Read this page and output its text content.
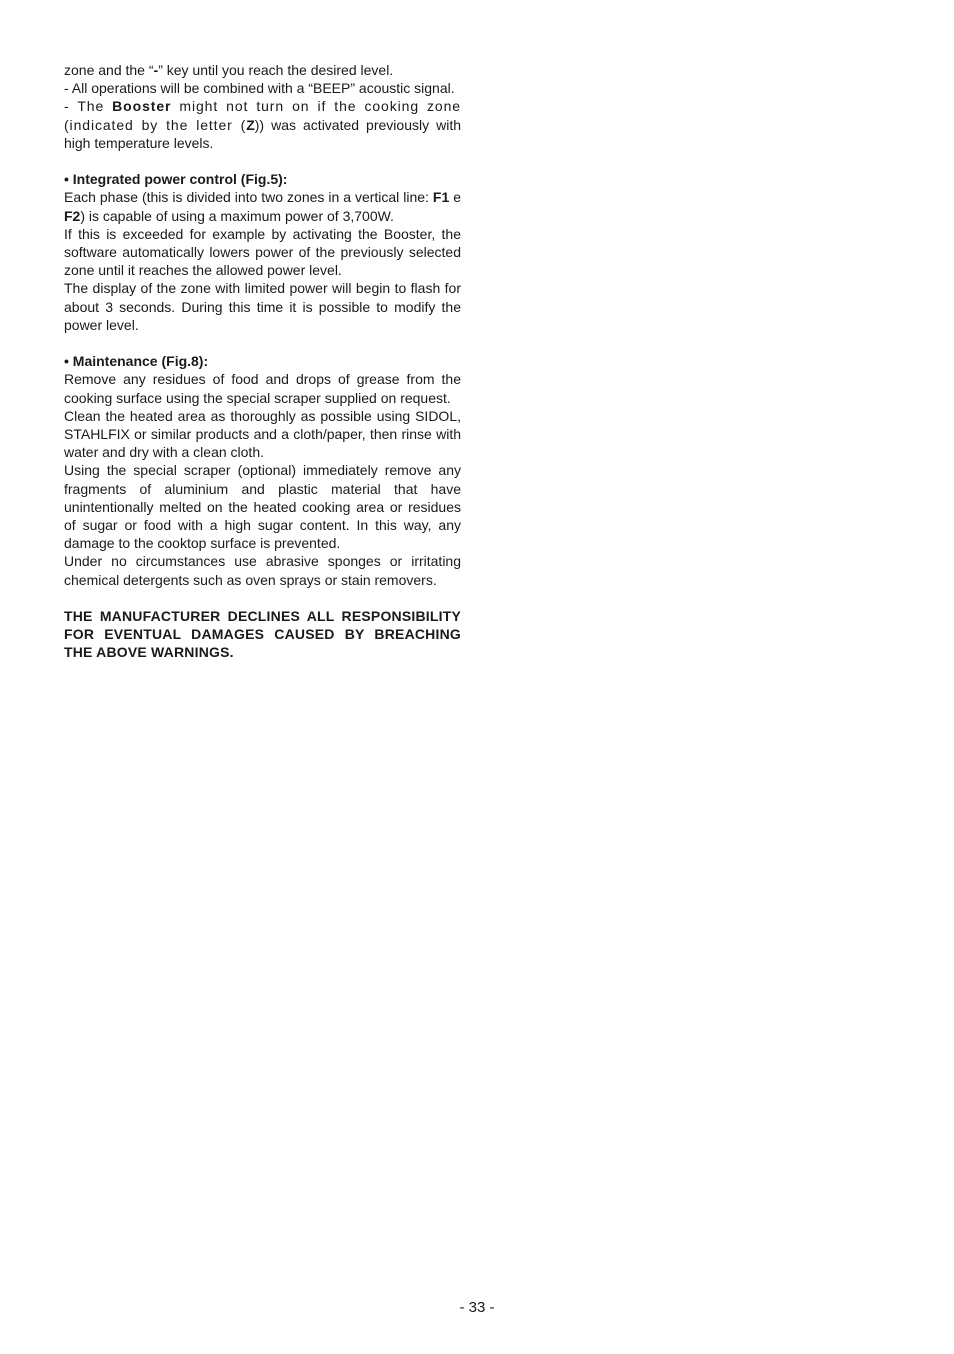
zone and the “-” key until you reach the desired level.

- All operations will be combined with a “BEEP” acoustic signal.

- The Booster might not turn on if the cooking zone (indicated by the letter (Z)) was activated previously with high temperature levels.

• Integrated power control (Fig.5):

Each phase (this is divided into two zones in a vertical line: F1 e F2) is capable of using a maximum power of 3,700W.

If this is exceeded for example by activating the Booster, the software automatically lowers power of the previously selected zone until it reaches the allowed power level.

The display of the zone with limited power will begin to flash for about 3 seconds. During this time it is possible to modify the power level.

• Maintenance (Fig.8):

Remove any residues of food and drops of grease from the cooking surface using the special scraper supplied on request.

Clean the heated area as thoroughly as possible using SIDOL, STAHLFIX or similar products and a cloth/paper, then rinse with water and dry with a clean cloth.

Using the special scraper (optional) immediately remove any fragments of aluminium and plastic material that have unintentionally melted on the heated cooking area or residues of sugar or food with a high sugar content. In this way, any damage to the cooktop surface is prevented.

Under no circumstances use abrasive sponges or irritating chemical detergents such as oven sprays or stain removers.

THE MANUFACTURER DECLINES ALL RESPONSIBILITY FOR EVENTUAL DAMAGES CAUSED BY BREACHING THE ABOVE WARNINGS.

- 33 -
